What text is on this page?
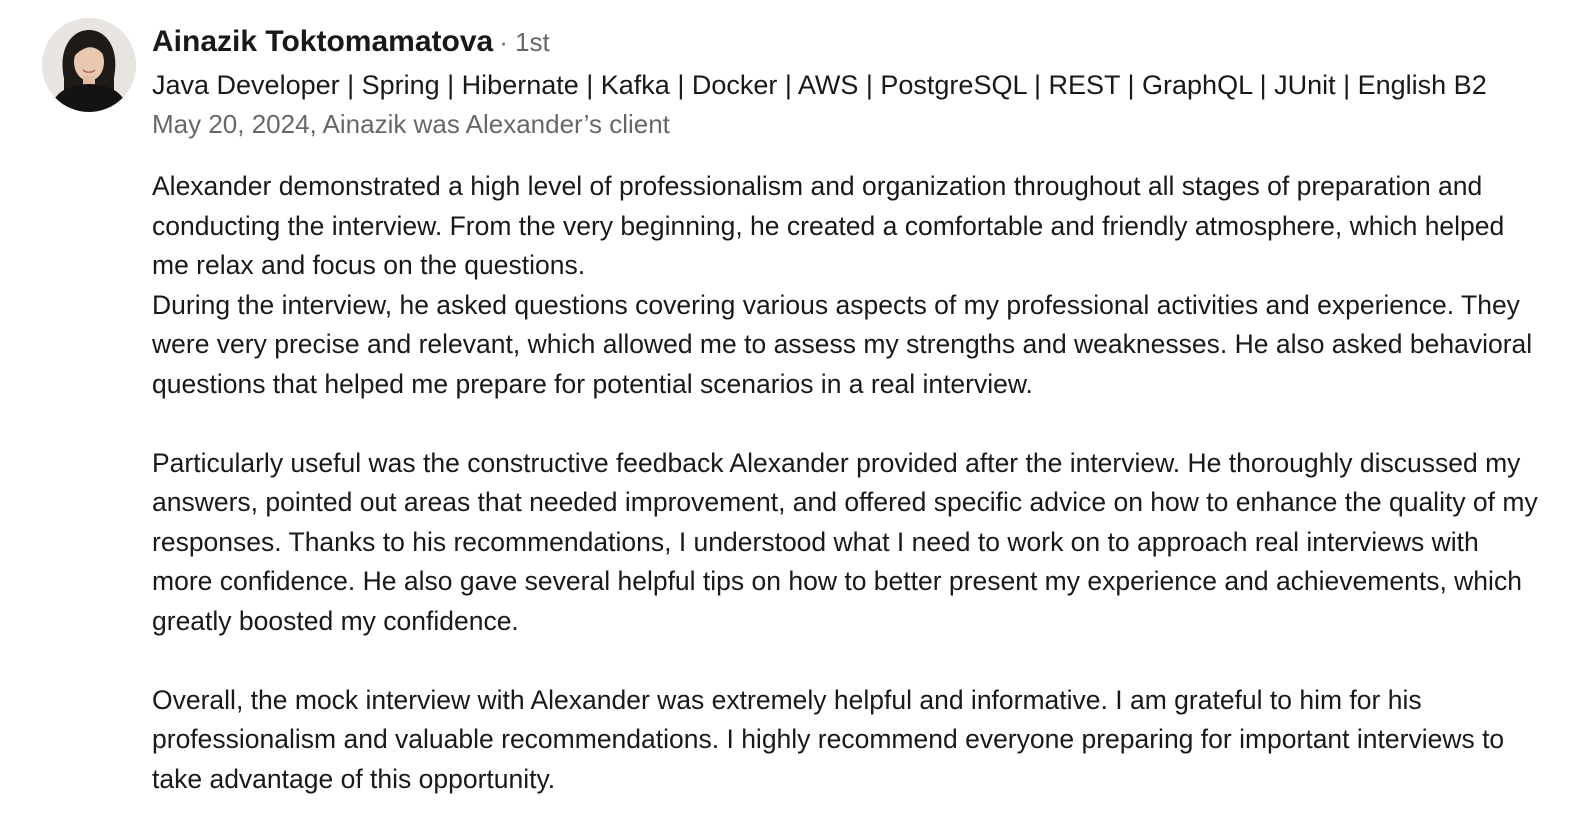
Ainazik Toktomamatova · 1st
Java Developer | Spring | Hibernate | Kafka | Docker | AWS | PostgreSQL | REST | GraphQL | JUnit | English B2
May 20, 2024, Ainazik was Alexander’s client

Alexander demonstrated a high level of professionalism and organization throughout all stages of preparation and conducting the interview. From the very beginning, he created a comfortable and friendly atmosphere, which helped me relax and focus on the questions.

During the interview, he asked questions covering various aspects of my professional activities and experience. They were very precise and relevant, which allowed me to assess my strengths and weaknesses. He also asked behavioral questions that helped me prepare for potential scenarios in a real interview.

Particularly useful was the constructive feedback Alexander provided after the interview. He thoroughly discussed my answers, pointed out areas that needed improvement, and offered specific advice on how to enhance the quality of my responses. Thanks to his recommendations, I understood what I need to work on to approach real interviews with more confidence. He also gave several helpful tips on how to better present my experience and achievements, which greatly boosted my confidence.

Overall, the mock interview with Alexander was extremely helpful and informative. I am grateful to him for his professionalism and valuable recommendations. I highly recommend everyone preparing for important interviews to take advantage of this opportunity.
